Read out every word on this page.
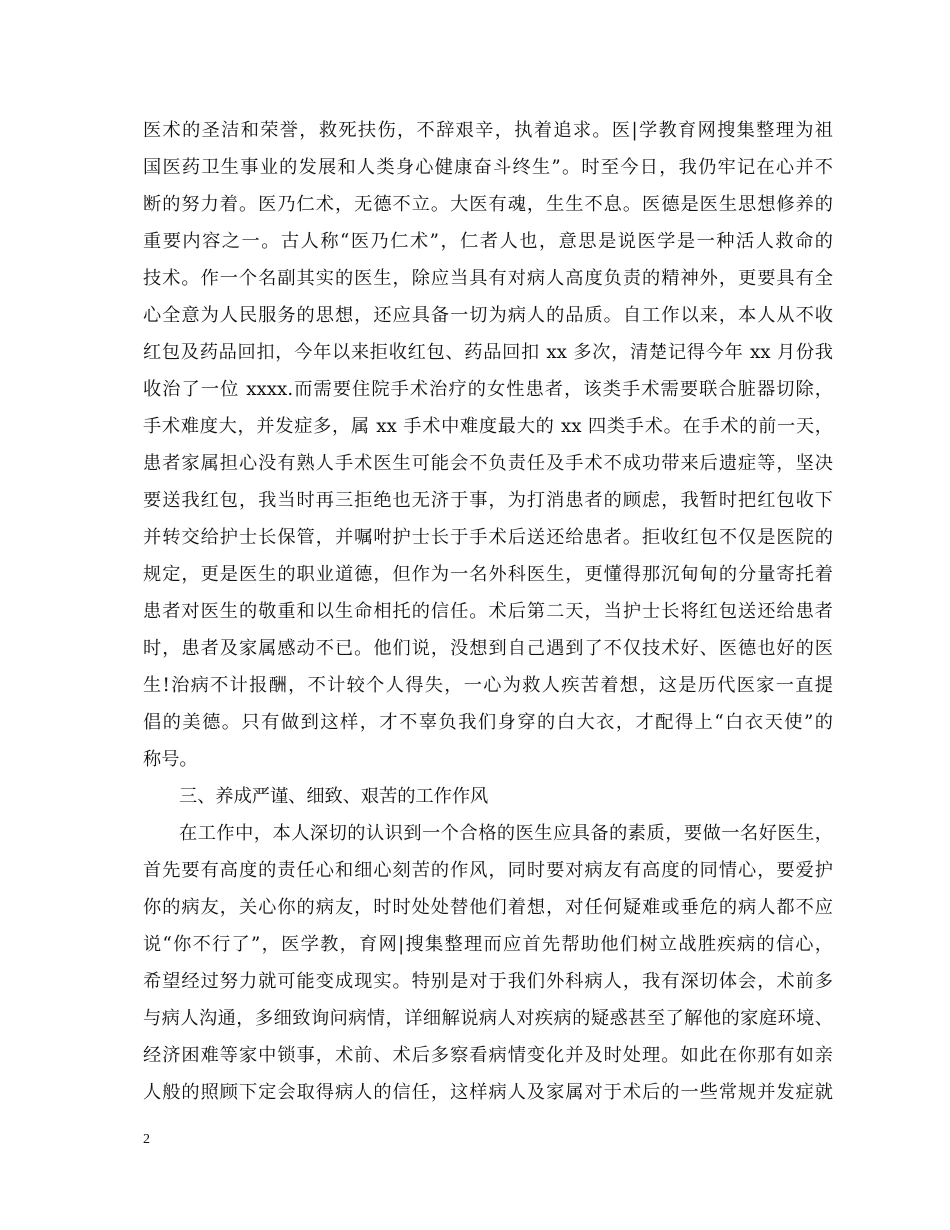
医术的圣洁和荣誉，救死扶伤，不辞艰辛，执着追求。医|学教育网搜集整理为祖
国医药卫生事业的发展和人类身心健康奋斗终生”。时至今日，我仍牢记在心并不
断的努力着。医乃仁术，无德不立。大医有魂，生生不息。医德是医生思想修养的
重要内容之一。古人称“医乃仁术”，仁者人也，意思是说医学是一种活人救命的
技术。作一个名副其实的医生，除应当具有对病人高度负责的精神外，更要具有全
心全意为人民服务的思想，还应具备一切为病人的品质。自工作以来，本人从不收
红包及药品回扣，今年以来拒收红包、药品回扣 xx 多次，清楚记得今年 xx 月份我
收治了一位 xxxx.而需要住院手术治疗的女性患者，该类手术需要联合脏器切除，
手术难度大，并发症多，属 xx 手术中难度最大的 xx 四类手术。在手术的前一天，
患者家属担心没有熟人手术医生可能会不负责任及手术不成功带来后遗症等，坚决
要送我红包，我当时再三拒绝也无济于事，为打消患者的顾虑，我暂时把红包收下
并转交给护士长保管，并嘱咐护士长于手术后送还给患者。拒收红包不仅是医院的
规定，更是医生的职业道德，但作为一名外科医生，更懂得那沉甸甸的分量寄托着
患者对医生的敬重和以生命相托的信任。术后第二天，当护士长将红包送还给患者
时，患者及家属感动不已。他们说，没想到自己遇到了不仅技术好、医德也好的医
生!治病不计报酬，不计较个人得失，一心为救人疾苦着想，这是历代医家一直提
倡的美德。只有做到这样，才不辜负我们身穿的白大衣，才配得上“白衣天使”的
称号。
三、养成严谨、细致、艰苦的工作作风
在工作中，本人深切的认识到一个合格的医生应具备的素质，要做一名好医生，
首先要有高度的责任心和细心刻苦的作风，同时要对病友有高度的同情心，要爱护
你的病友，关心你的病友，时时处处替他们着想，对任何疑难或垂危的病人都不应
说“你不行了”，医学教，育网|搜集整理而应首先帮助他们树立战胜疾病的信心，
希望经过努力就可能变成现实。特别是对于我们外科病人，我有深切体会，术前多
与病人沟通，多细致询问病情，详细解说病人对疾病的疑惑甚至了解他的家庭环境、
经济困难等家中锁事，术前、术后多察看病情变化并及时处理。如此在你那有如亲
人般的照顾下定会取得病人的信任，这样病人及家属对于术后的一些常规并发症就
2
